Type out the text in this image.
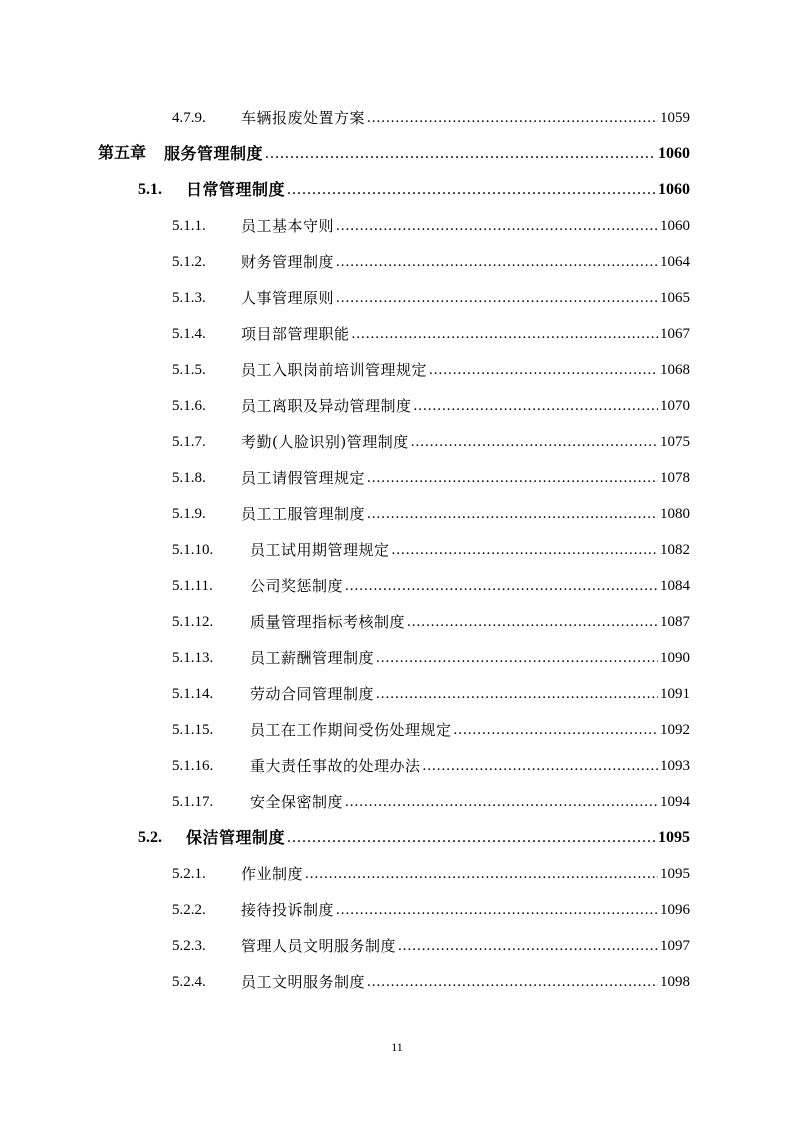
4.7.9.	车辆报废处置方案 .....	1059
第五章	服务管理制度 .....	1060
5.1.	日常管理制度 .....	1060
5.1.1.	员工基本守则 .....	1060
5.1.2.	财务管理制度 .....	1064
5.1.3.	人事管理原则 .....	1065
5.1.4.	项目部管理职能 .....	1067
5.1.5.	员工入职岗前培训管理规定 .....	1068
5.1.6.	员工离职及异动管理制度 .....	1070
5.1.7.	考勤(人脸识别)管理制度 .....	1075
5.1.8.	员工请假管理规定 .....	1078
5.1.9.	员工工服管理制度 .....	1080
5.1.10.	员工试用期管理规定 .....	1082
5.1.11.	公司奖惩制度 .....	1084
5.1.12.	质量管理指标考核制度 .....	1087
5.1.13.	员工薪酬管理制度 .....	1090
5.1.14.	劳动合同管理制度 .....	1091
5.1.15.	员工在工作期间受伤处理规定 .....	1092
5.1.16.	重大责任事故的处理办法 .....	1093
5.1.17.	安全保密制度 .....	1094
5.2.	保洁管理制度 .....	1095
5.2.1.	作业制度 .....	1095
5.2.2.	接待投诉制度 .....	1096
5.2.3.	管理人员文明服务制度 .....	1097
5.2.4.	员工文明服务制度 .....	1098
11
